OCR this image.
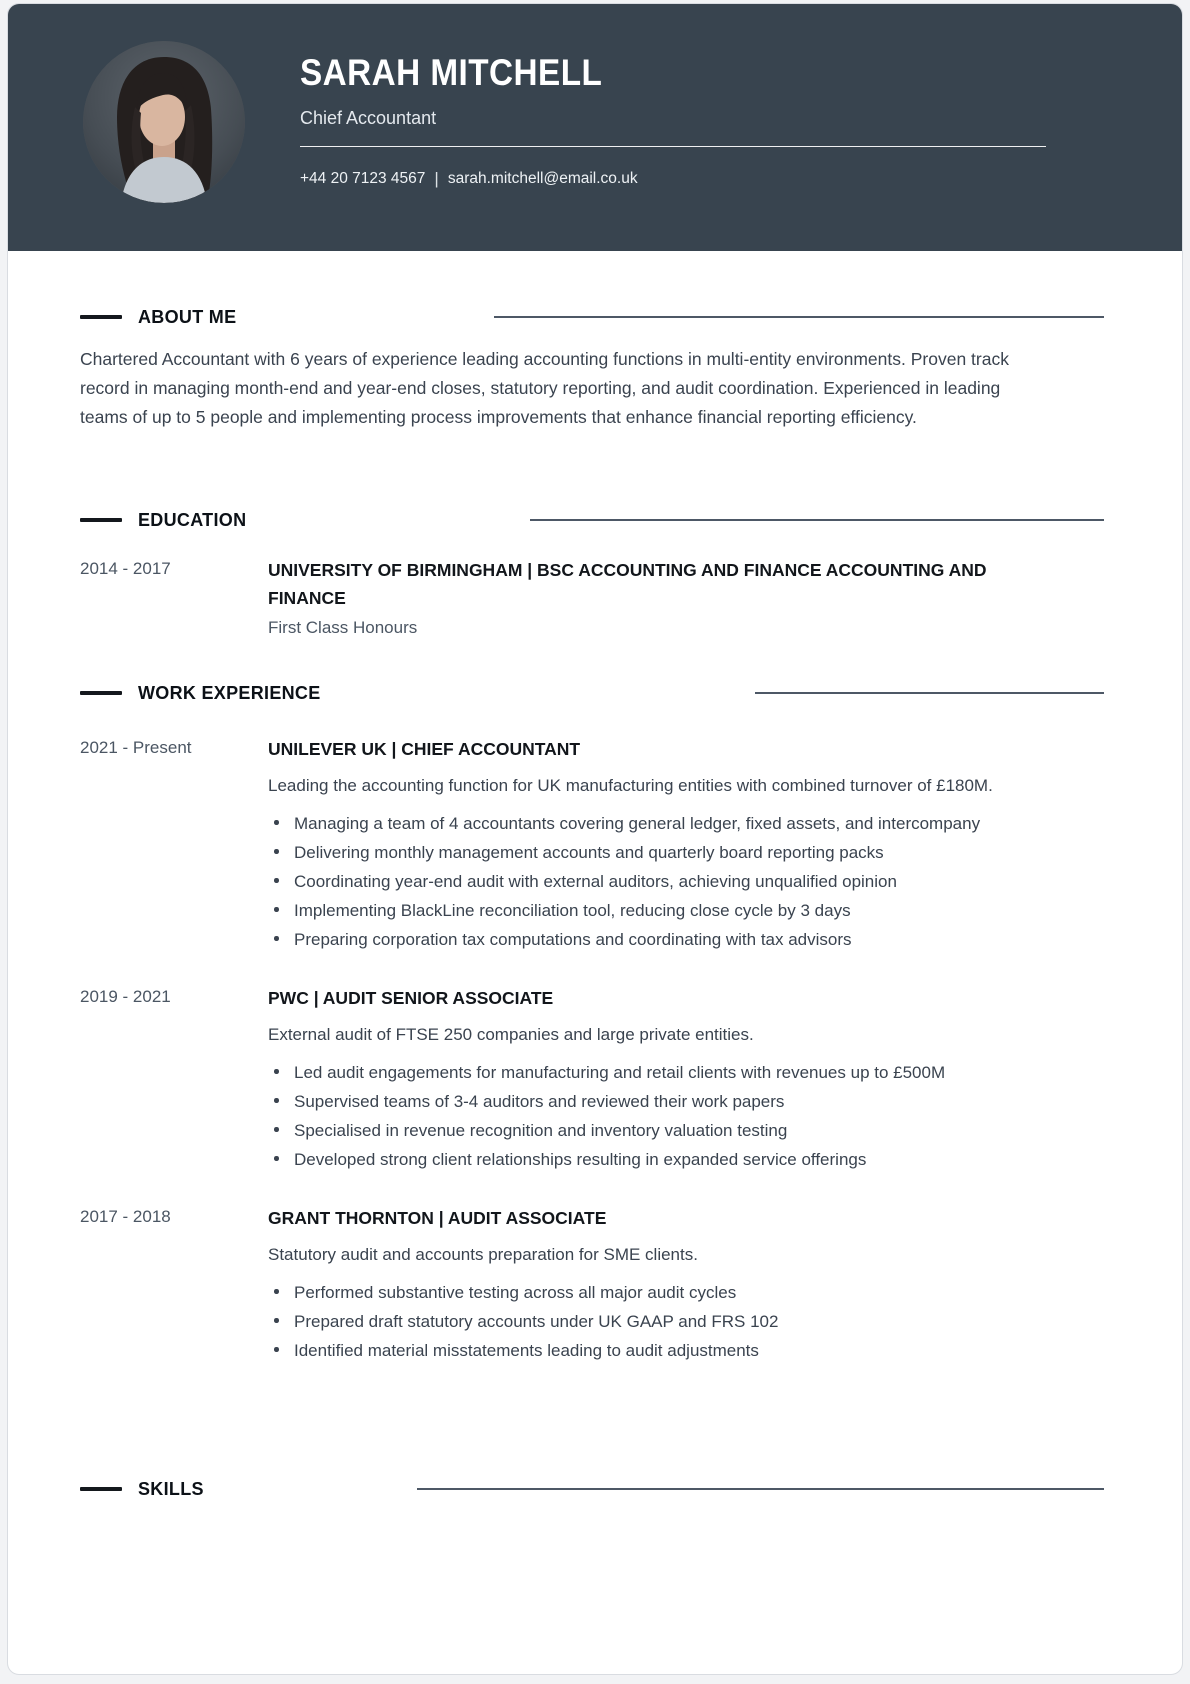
SARAH MITCHELL
Chief Accountant
+44 20 7123 4567 | sarah.mitchell@email.co.uk
ABOUT ME

Chartered Accountant with 6 years of experience leading accounting functions in multi-entity environments. Proven track record in managing month-end and year-end closes, statutory reporting, and audit coordination. Experienced in leading teams of up to 5 people and implementing process improvements that enhance financial reporting efficiency.

EDUCATION
2014 - 2017	UNIVERSITY OF BIRMINGHAM | BSC ACCOUNTING AND FINANCE ACCOUNTING AND FINANCE
First Class Honours
WORK EXPERIENCE
2021 - Present	UNILEVER UK | CHIEF ACCOUNTANT

Leading the accounting function for UK manufacturing entities with combined turnover of £180M.

Managing a team of 4 accountants covering general ledger, fixed assets, and intercompany
Delivering monthly management accounts and quarterly board reporting packs
Coordinating year-end audit with external auditors, achieving unqualified opinion
Implementing BlackLine reconciliation tool, reducing close cycle by 3 days
Preparing corporation tax computations and coordinating with tax advisors
2019 - 2021	PWC | AUDIT SENIOR ASSOCIATE

External audit of FTSE 250 companies and large private entities.

Led audit engagements for manufacturing and retail clients with revenues up to £500M
Supervised teams of 3-4 auditors and reviewed their work papers
Specialised in revenue recognition and inventory valuation testing
Developed strong client relationships resulting in expanded service offerings
2017 - 2018	GRANT THORNTON | AUDIT ASSOCIATE

Statutory audit and accounts preparation for SME clients.

Performed substantive testing across all major audit cycles
Prepared draft statutory accounts under UK GAAP and FRS 102
Identified material misstatements leading to audit adjustments
SKILLS
